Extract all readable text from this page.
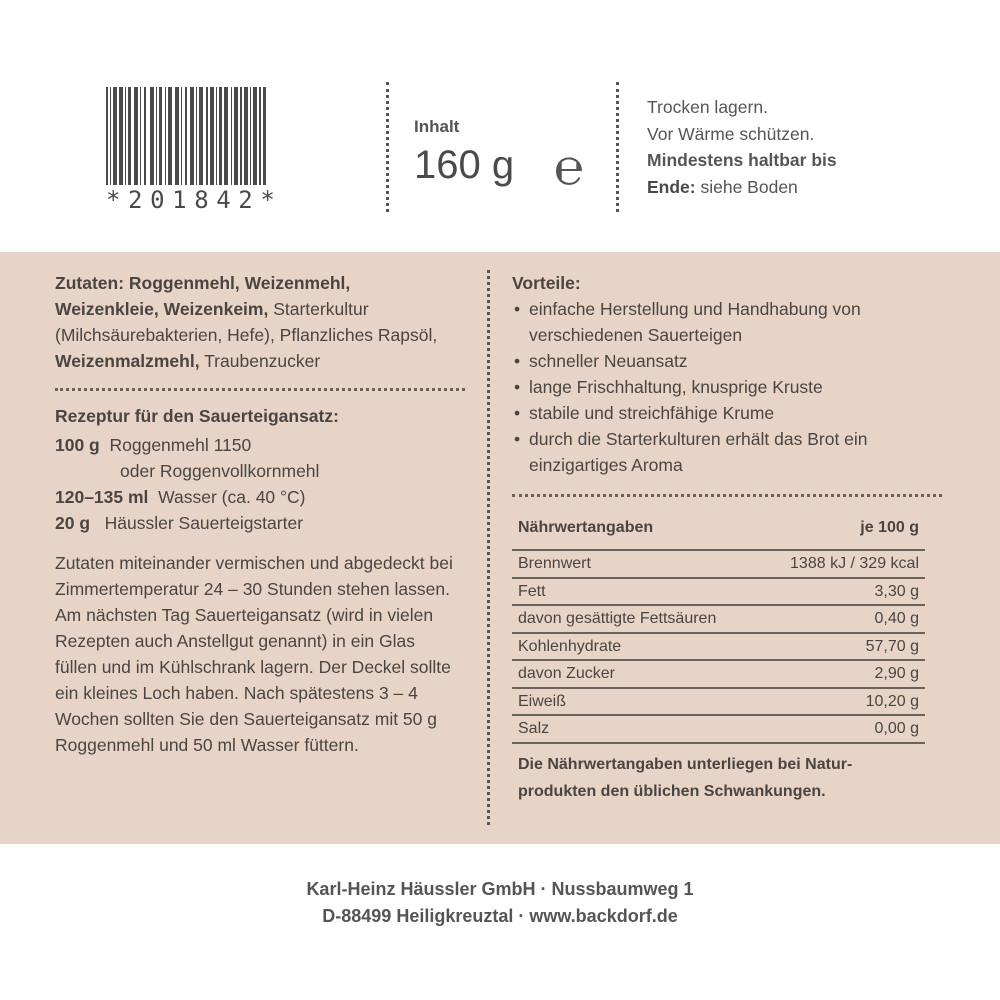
*201842*
Inhalt
160 g ℮
Trocken lagern.
Vor Wärme schützen.
Mindestens haltbar bis
Ende: siehe Boden
Zutaten: Roggenmehl, Weizenmehl, Weizenkleie, Weizenkeim, Starterkultur (Milchsäurebakterien, Hefe), Pflanzliches Rapsöl, Weizenmalzmehl, Traubenzucker
Rezeptur für den Sauerteigansatz:
100 g Roggenmehl 1150
oder Roggenvollkornmehl
120–135 ml Wasser (ca. 40 °C)
20 g Häussler Sauerteigstarter
Zutaten miteinander vermischen und abgedeckt bei Zimmertemperatur 24 – 30 Stunden stehen lassen. Am nächsten Tag Sauerteigansatz (wird in vielen Rezepten auch Anstellgut genannt) in ein Glas füllen und im Kühlschrank lagern. Der Deckel sollte ein kleines Loch haben. Nach spätestens 3 – 4 Wochen sollten Sie den Sauerteigansatz mit 50 g Roggenmehl und 50 ml Wasser füttern.
Vorteile:
• einfache Herstellung und Handhabung von verschiedenen Sauerteigen
• schneller Neuansatz
• lange Frischhaltung, knusprige Kruste
• stabile und streichfähige Krume
• durch die Starterkulturen erhält das Brot ein einzigartiges Aroma
Nährwertangaben	je 100 g
Brennwert	1388 kJ / 329 kcal
Fett	3,30 g
davon gesättigte Fettsäuren	0,40 g
Kohlenhydrate	57,70 g
davon Zucker	2,90 g
Eiweiß	10,20 g
Salz	0,00 g
Die Nährwertangaben unterliegen bei Natur-produkten den üblichen Schwankungen.
Karl-Heinz Häussler GmbH · Nussbaumweg 1
D-88499 Heiligkreuztal · www.backdorf.de
